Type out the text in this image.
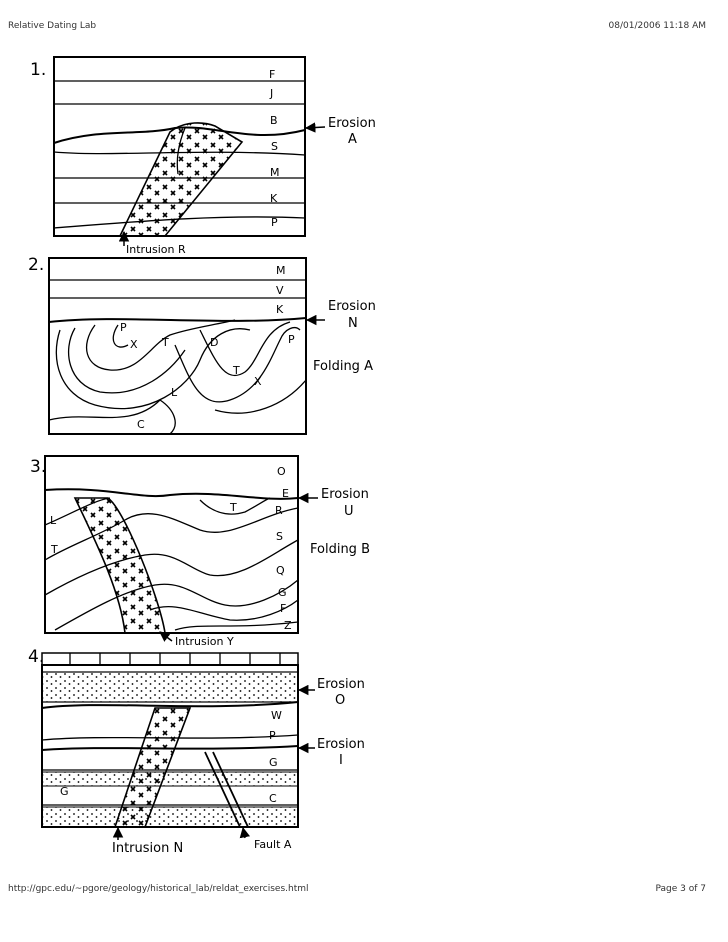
Relative Dating Lab	08/01/2006 11:18 AM
1.	F
J
B
S
M
K
P
Erosion
A
Intrusion R
2.	M
V
K
P
X T	D	P
T
X
L
C
Erosion
N
Folding A
3.	O
E
R
S
Q
G
F
Z
L
T
T
Erosion
U
Folding B
Intrusion Y
4.
W
P
G
C
G
Erosion
O
Erosion
I
Intrusion N	Fault A
http://gpc.edu/~pgore/geology/historical_lab/reldat_exercises.html	Page 3 of 7
